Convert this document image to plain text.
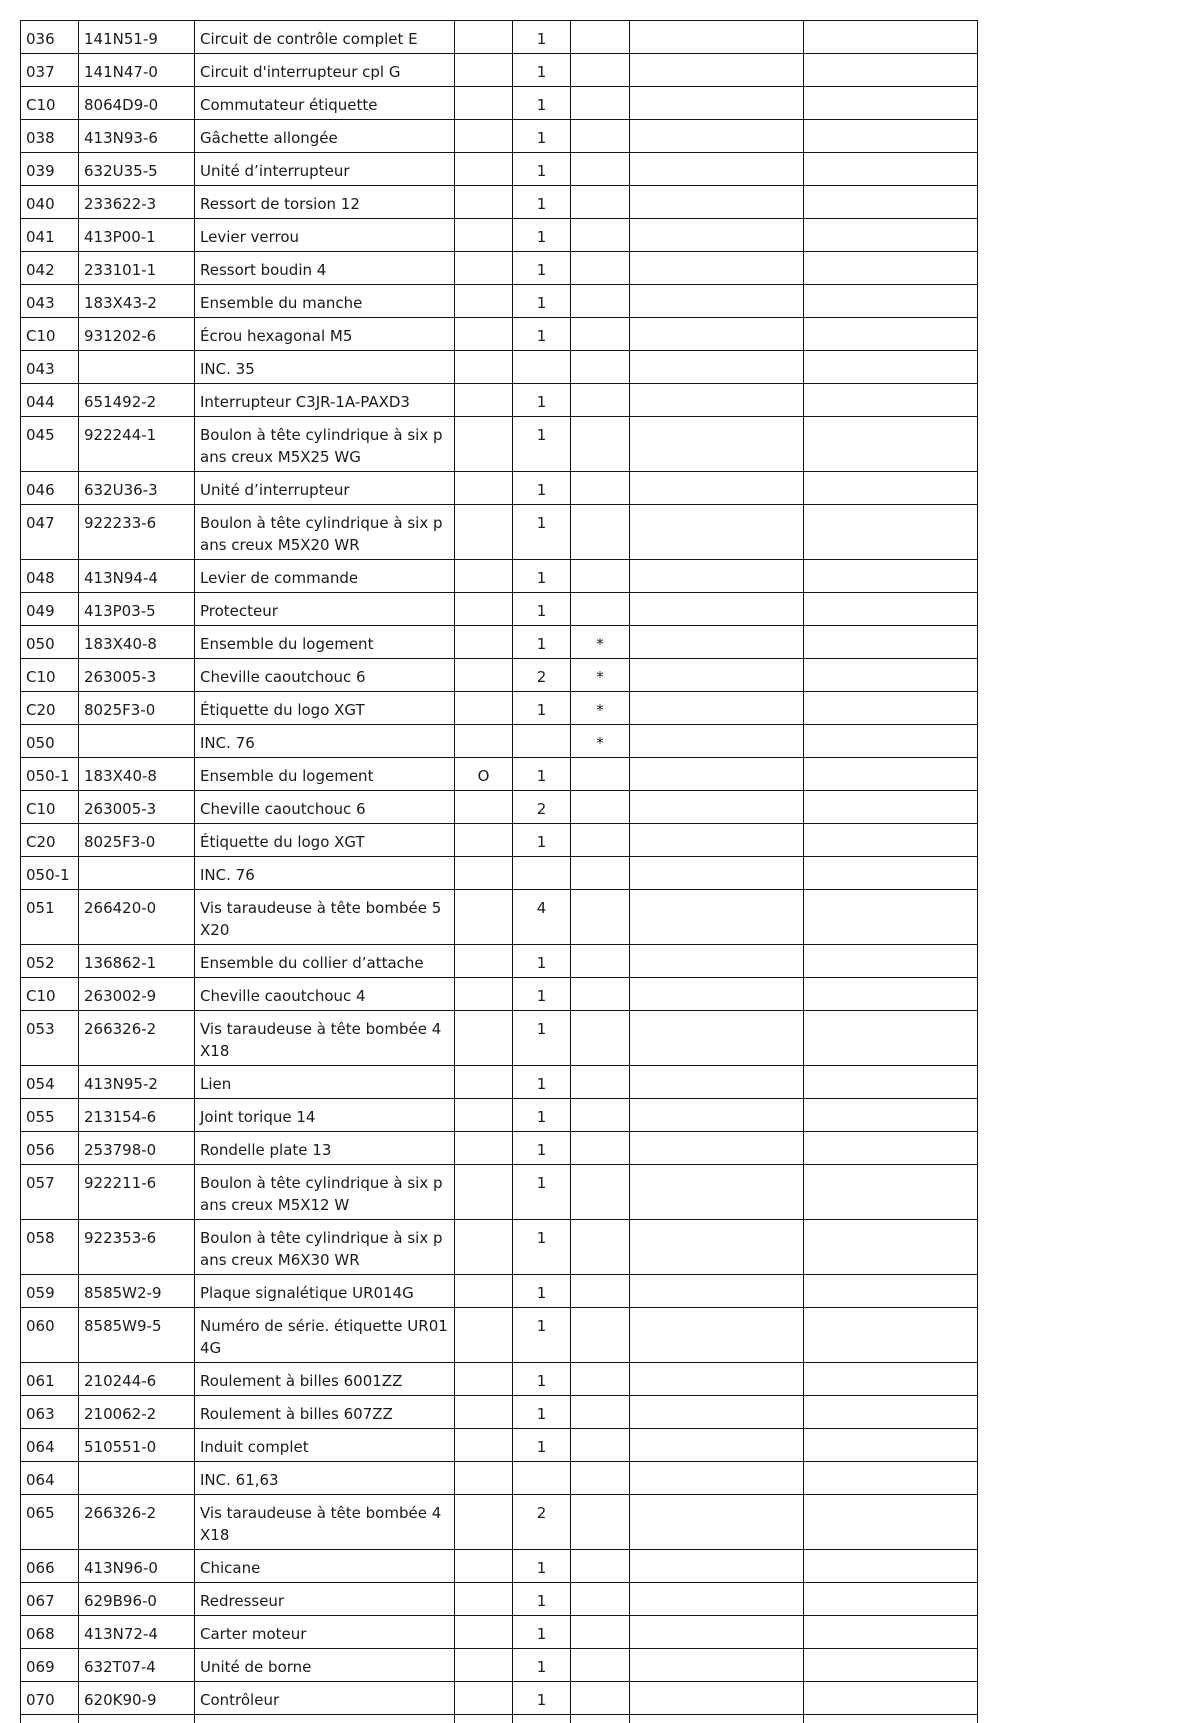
036	141N51-9	Circuit de contrôle complet E		1			
037	141N47-0	Circuit d'interrupteur cpl G		1			
C10	8064D9-0	Commutateur étiquette		1			
038	413N93-6	Gâchette allongée		1			
039	632U35-5	Unité d’interrupteur		1			
040	233622-3	Ressort de torsion 12		1			
041	413P00-1	Levier verrou		1			
042	233101-1	Ressort boudin 4		1			
043	183X43-2	Ensemble du manche		1			
C10	931202-6	Écrou hexagonal M5		1			
043		INC. 35					
044	651492-2	Interrupteur C3JR-1A-PAXD3		1			
045	922244-1	Boulon à tête cylindrique à six pans creux M5X25 WG		1			
046	632U36-3	Unité d’interrupteur		1			
047	922233-6	Boulon à tête cylindrique à six pans creux M5X20 WR		1			
048	413N94-4	Levier de commande		1			
049	413P03-5	Protecteur		1			
050	183X40-8	Ensemble du logement		1	*		
C10	263005-3	Cheville caoutchouc 6		2	*		
C20	8025F3-0	Étiquette du logo XGT		1	*		
050		INC. 76			*		
050-1	183X40-8	Ensemble du logement	O	1			
C10	263005-3	Cheville caoutchouc 6		2			
C20	8025F3-0	Étiquette du logo XGT		1			
050-1		INC. 76					
051	266420-0	Vis taraudeuse à tête bombée 5X20		4			
052	136862-1	Ensemble du collier d’attache		1			
C10	263002-9	Cheville caoutchouc 4		1			
053	266326-2	Vis taraudeuse à tête bombée 4X18		1			
054	413N95-2	Lien		1			
055	213154-6	Joint torique 14		1			
056	253798-0	Rondelle plate 13		1			
057	922211-6	Boulon à tête cylindrique à six pans creux M5X12 W		1			
058	922353-6	Boulon à tête cylindrique à six pans creux M6X30 WR		1			
059	8585W2-9	Plaque signalétique UR014G		1			
060	8585W9-5	Numéro de série. étiquette UR014G		1			
061	210244-6	Roulement à billes 6001ZZ		1			
063	210062-2	Roulement à billes 607ZZ		1			
064	510551-0	Induit complet		1			
064		INC. 61,63					
065	266326-2	Vis taraudeuse à tête bombée 4X18		2			
066	413N96-0	Chicane		1			
067	629B96-0	Redresseur		1			
068	413N72-4	Carter moteur		1			
069	632T07-4	Unité de borne		1			
070	620K90-9	Contrôleur		1			
